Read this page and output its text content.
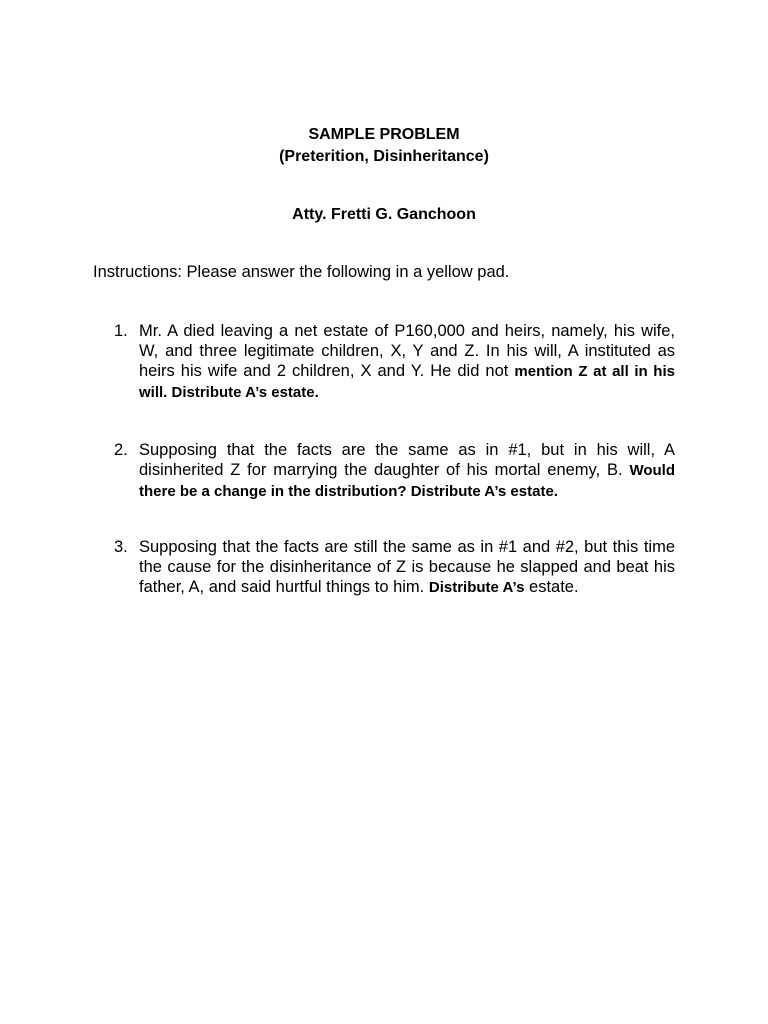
SAMPLE PROBLEM
(Preterition, Disinheritance)
Atty. Fretti G. Ganchoon
Instructions: Please answer the following in a yellow pad.
1. Mr. A died leaving a net estate of P160,000 and heirs, namely, his wife, W, and three legitimate children, X, Y and Z. In his will, A instituted as heirs his wife and 2 children, X and Y. He did not mention Z at all in his will. Distribute A’s estate.
2. Supposing that the facts are the same as in #1, but in his will, A disinherited Z for marrying the daughter of his mortal enemy, B. Would there be a change in the distribution? Distribute A’s estate.
3. Supposing that the facts are still the same as in #1 and #2, but this time the cause for the disinheritance of Z is because he slapped and beat his father, A, and said hurtful things to him. Distribute A’s estate.
